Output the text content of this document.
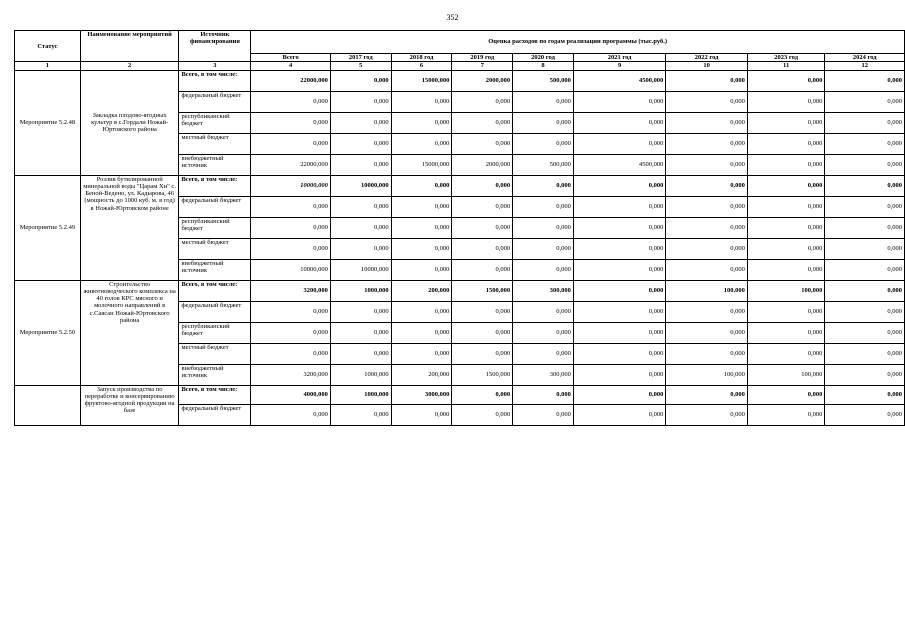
352
Статус	Наименование мероприятий	Источник финансирования	Оценка расходов по годам реализации программы (тыс.руб.)								
			Всего	2017 год	2018 год	2019 год	2020 год	2021 год	2022 год	2023 год	2024 год
1	2	3	4	5	6	7	8	9	10	11	12
Мероприятие 5.2.48	Закладка плодово-ягодных культур в с.Гордали Ножай-Юртовского района	Всего, в том числе:	22000,000	0,000	15000,000	2000,000	500,000	4500,000	0,000	0,000	0,000
		федеральный бюджет	0,000	0,000	0,000	0,000	0,000	0,000	0,000	0,000	0,000
		республиканский бюджет	0,000	0,000	0,000	0,000	0,000	0,000	0,000	0,000	0,000
		местный бюджет	0,000	0,000	0,000	0,000	0,000	0,000	0,000	0,000	0,000
		внебюджетный источник	22000,000	0,000	15000,000	2000,000	500,000	4500,000	0,000	0,000	0,000
Мероприятие 5.2.49	Розлив бутилированной минеральной воды "Царам Хи" с. Беной-Ведено, ул. Кадырова, 46 (мощность до 1000 куб. м. в год) в Ножай-Юртовском районе	Всего, в том числе:	10000,000	10000,000	0,000	0,000	0,000	0,000	0,000	0,000	0,000
		федеральный бюджет	0,000	0,000	0,000	0,000	0,000	0,000	0,000	0,000	0,000
		республиканский бюджет	0,000	0,000	0,000	0,000	0,000	0,000	0,000	0,000	0,000
		местный бюджет	0,000	0,000	0,000	0,000	0,000	0,000	0,000	0,000	0,000
		внебюджетный источник	10000,000	10000,000	0,000	0,000	0,000	0,000	0,000	0,000	0,000
Мероприятие 5.2.50	Строительство животноводческого комплекса на 40 голов КРС мясного и молочного направлений в с.Саясан Ножай-Юртовского района	Всего, в том числе:	3200,000	1000,000	200,000	1500,000	300,000	0,000	100,000	100,000	0,000
		федеральный бюджет	0,000	0,000	0,000	0,000	0,000	0,000	0,000	0,000	0,000
		республиканский бюджет	0,000	0,000	0,000	0,000	0,000	0,000	0,000	0,000	0,000
		местный бюджет	0,000	0,000	0,000	0,000	0,000	0,000	0,000	0,000	0,000
		внебюджетный источник	3200,000	1000,000	200,000	1500,000	300,000	0,000	100,000	100,000	0,000
	Запуск производства по переработке и консервированию фруктово-ягодной продукции на базе	Всего, в том числе:	4000,000	1000,000	3000,000	0,000	0,000	0,000	0,000	0,000	0,000
		федеральный бюджет	0,000	0,000	0,000	0,000	0,000	0,000	0,000	0,000	0,000
